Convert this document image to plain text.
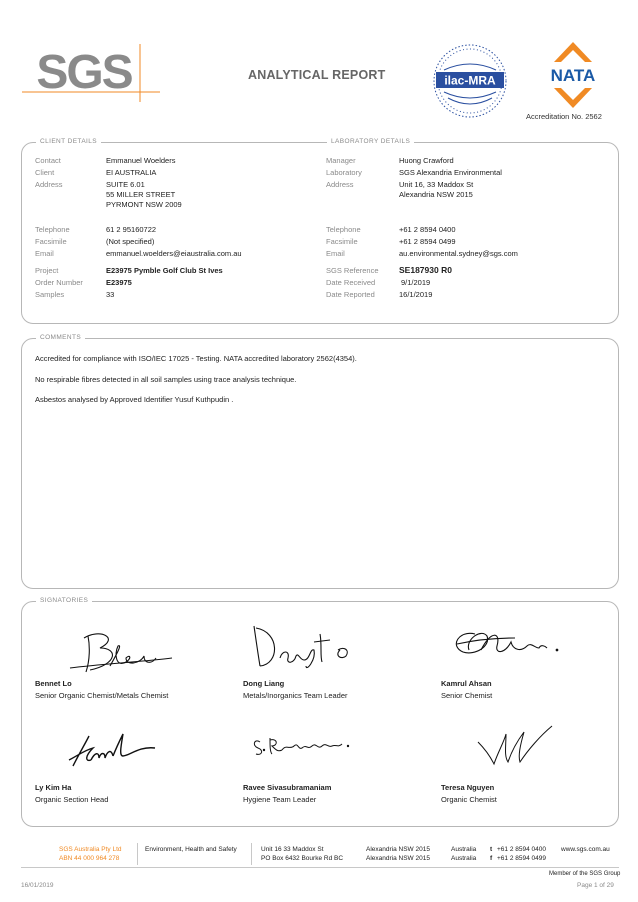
SGS	ANALYTICAL REPORT	ilac-MRA	NATA
Accreditation No. 2562
CLIENT DETAILS	LABORATORY DETAILS
Contact	Emmanuel Woelders
Client	EI AUSTRALIA
Address	SUITE 6.01
55 MILLER STREET
PYRMONT NSW 2009
Telephone	61 2 95160722
Facsimile	(Not specified)
Email	emmanuel.woelders@eiaustralia.com.au
Project	E23975 Pymble Golf Club St Ives
Order Number	E23975
Samples	33
Manager	Huong Crawford
Laboratory	SGS Alexandria Environmental
Address	Unit 16, 33 Maddox St
Alexandria NSW 2015
Telephone	+61 2 8594 0400
Facsimile	+61 2 8594 0499
Email	au.environmental.sydney@sgs.com
SGS Reference SE187930 R0
Date Received	9/1/2019
Date Reported	16/1/2019
COMMENTS
Accredited for compliance with ISO/IEC 17025 - Testing. NATA accredited laboratory 2562(4354).
No respirable fibres detected in all soil samples using trace analysis technique.
Asbestos analysed by Approved Identifier Yusuf Kuthpudin .
SIGNATORIES
Bennet Lo
Senior Organic Chemist/Metals Chemist
Dong Liang
Metals/Inorganics Team Leader
Kamrul Ahsan
Senior Chemist
Ly Kim Ha
Organic Section Head
Ravee Sivasubramaniam
Hygiene Team Leader
Teresa Nguyen
Organic Chemist
SGS Australia Pty Ltd
ABN 44 000 964 278
Environment, Health and Safety	Unit 16 33 Maddox St
PO Box 6432 Bourke Rd BC
Alexandria NSW 2015
Alexandria NSW 2015
Australia
Australia
t +61 2 8594 0400
f +61 2 8594 0499
www.sgs.com.au
Member of the SGS Group
16/01/2019	Page 1 of 29
